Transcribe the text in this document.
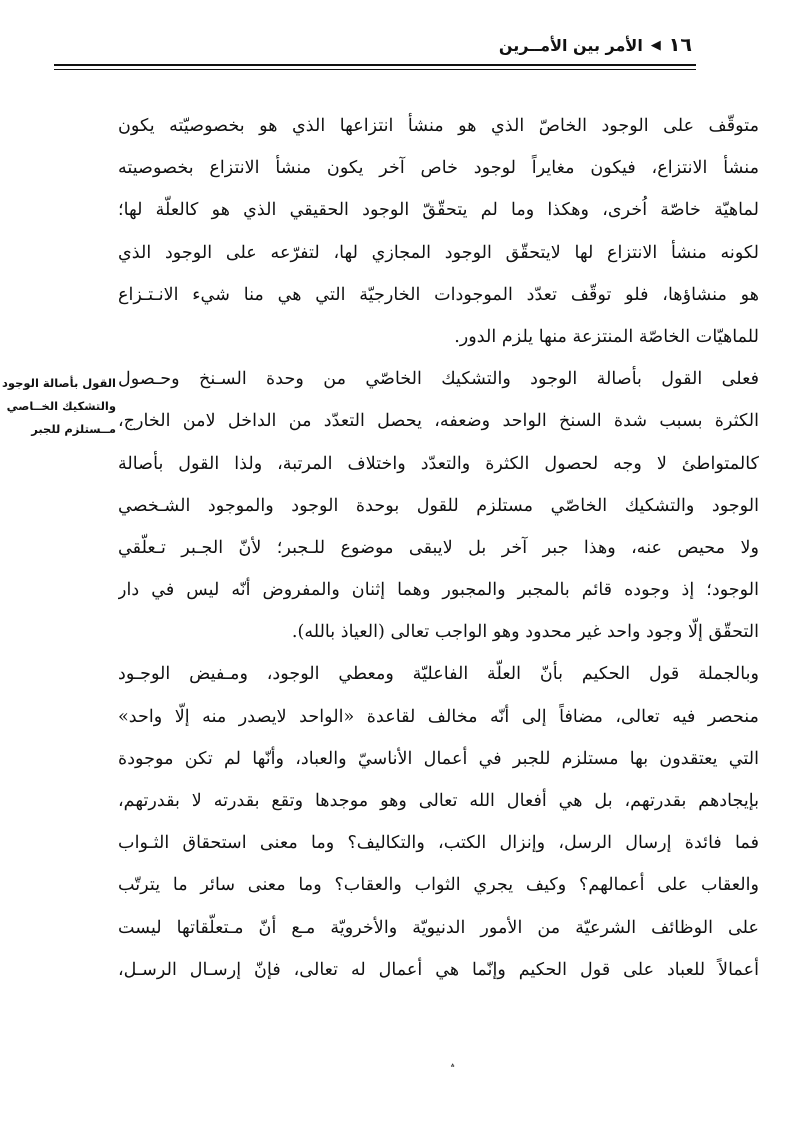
١٦
◀
الأمر بين الأمــرين
القول بأصالة الوجود
والتشكيك الخــاصي
مــستلزم للجبر
متوقّف على الوجود الخاصّ الذي هو منشأ انتزاعها الذي هو بخصوصيّته يكون
منشأ الانتزاع، فيكون مغايراً لوجود خاص آخر يكون منشأ الانتزاع بخصوصيته
لماهيّة خاصّة اُخرى، وهكذا وما لم يتحقّقّ الوجود الحقيقي الذي هو كالعلّة لها؛
لكونه منشأ الانتزاع لها لايتحقّق الوجود المجازي لها، لتفرّعه على الوجود الذي
هو منشاؤها، فلو توقّف تعدّد الموجودات الخارجيّة التي هي منا شيء الانـتـزاع
للماهيّات الخاصّة المنتزعة منها يلزم الدور.
فعلى القول بأصالة الوجود والتشكيك الخاصّي من وحدة السـنخ وحـصول
الكثرة بسبب شدة السنخ الواحد وضعفه، يحصل التعدّد من الداخل لامن الخارج،
كالمتواطئ لا وجه لحصول الكثرة والتعدّد واختلاف المرتبة، ولذا القول بأصالة
الوجود والتشكيك الخاصّي مستلزم للقول بوحدة الوجود والموجود الشـخصي
ولا محيص عنه، وهذا جبر آخر بل لايبقى موضوع للـجبر؛ لأنّ الجـبر تـعلّقي
الوجود؛ إذ وجوده قائم بالمجبر والمجبور وهما إثنان والمفروض أنّه ليس في دار
التحقّق إلّا وجود واحد غير محدود وهو الواجب تعالى (العياذ بالله).
وبالجملة قول الحكيم بأنّ العلّة الفاعليّة ومعطي الوجود، ومـفيض الوجـود
منحصر فيه تعالى، مضافاً إلى أنّه مخالف لقاعدة «الواحد لايصدر منه إلّا واحد»
التي يعتقدون بها مستلزم للجبر في أعمال الأناسيّ والعباد، وأنّها لم تكن موجودة
بإيجادهم بقدرتهم، بل هي أفعال الله تعالى وهو موجدها وتقع بقدرته لا بقدرتهم،
فما فائدة إرسال الرسل، وإنزال الكتب، والتكاليف؟ وما معنى استحقاق الثـواب
والعقاب على أعمالهم؟ وكيف يجري الثواب والعقاب؟ وما معنى سائر ما يترتّب
على الوظائف الشرعيّة من الأمور الدنيويّة والأخرويّة مـع أنّ مـتعلّقاتها ليست
أعمالاً للعباد على قول الحكيم وإنّما هي أعمال له تعالى، فإنّ إرسـال الرسـل،
؞
